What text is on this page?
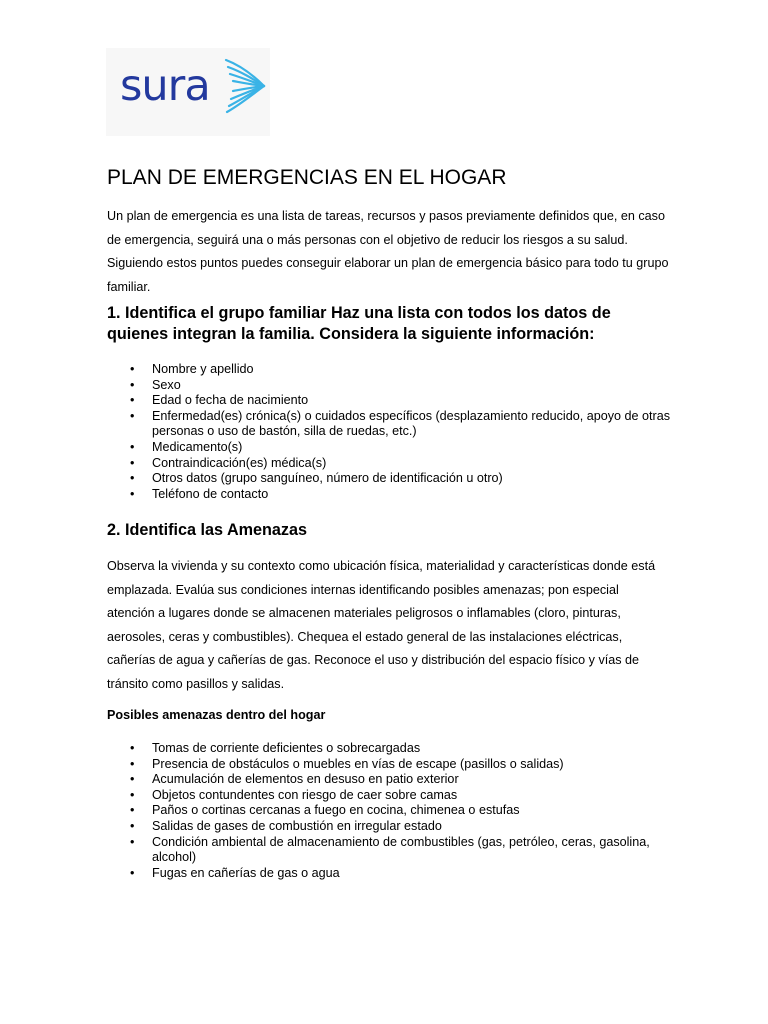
sura
PLAN DE EMERGENCIAS EN EL HOGAR
Un plan de emergencia es una lista de tareas, recursos y pasos previamente definidos que, en caso de emergencia, seguirá una o más personas con el objetivo de reducir los riesgos a su salud. Siguiendo estos puntos puedes conseguir elaborar un plan de emergencia básico para todo tu grupo familiar.
1. Identifica el grupo familiar Haz una lista con todos los datos de quienes integran la familia. Considera la siguiente información:
• Nombre y apellido
• Sexo
• Edad o fecha de nacimiento
• Enfermedad(es) crónica(s) o cuidados específicos (desplazamiento reducido, apoyo de otras personas o uso de bastón, silla de ruedas, etc.)
• Medicamento(s)
• Contraindicación(es) médica(s)
• Otros datos (grupo sanguíneo, número de identificación u otro)
• Teléfono de contacto
2. Identifica las Amenazas
Observa la vivienda y su contexto como ubicación física, materialidad y características donde está emplazada. Evalúa sus condiciones internas identificando posibles amenazas; pon especial atención a lugares donde se almacenen materiales peligrosos o inflamables (cloro, pinturas, aerosoles, ceras y combustibles). Chequea el estado general de las instalaciones eléctricas, cañerías de agua y cañerías de gas. Reconoce el uso y distribución del espacio físico y vías de tránsito como pasillos y salidas.
Posibles amenazas dentro del hogar
• Tomas de corriente deficientes o sobrecargadas
• Presencia de obstáculos o muebles en vías de escape (pasillos o salidas)
• Acumulación de elementos en desuso en patio exterior
• Objetos contundentes con riesgo de caer sobre camas
• Paños o cortinas cercanas a fuego en cocina, chimenea o estufas
• Salidas de gases de combustión en irregular estado
• Condición ambiental de almacenamiento de combustibles (gas, petróleo, ceras, gasolina, alcohol)
• Fugas en cañerías de gas o agua
